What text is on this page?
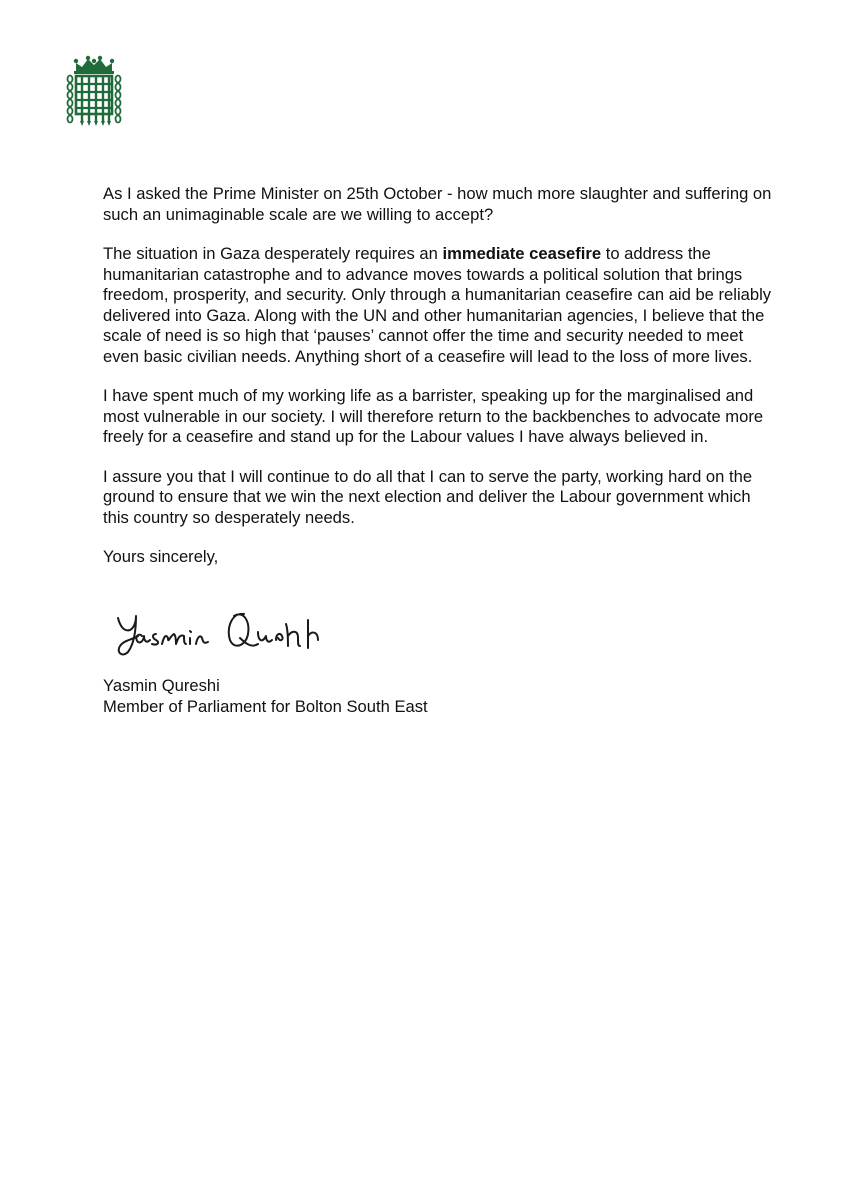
As I asked the Prime Minister on 25th October - how much more slaughter and suffering on such an unimaginable scale are we willing to accept?

The situation in Gaza desperately requires an immediate ceasefire to address the humanitarian catastrophe and to advance moves towards a political solution that brings freedom, prosperity, and security. Only through a humanitarian ceasefire can aid be reliably delivered into Gaza. Along with the UN and other humanitarian agencies, I believe that the scale of need is so high that ‘pauses’ cannot offer the time and security needed to meet even basic civilian needs. Anything short of a ceasefire will lead to the loss of more lives.

I have spent much of my working life as a barrister, speaking up for the marginalised and most vulnerable in our society. I will therefore return to the backbenches to advocate more freely for a ceasefire and stand up for the Labour values I have always believed in.

I assure you that I will continue to do all that I can to serve the party, working hard on the ground to ensure that we win the next election and deliver the Labour government which this country so desperately needs.

Yours sincerely,

Yasmin Qureshi
Member of Parliament for Bolton South East
